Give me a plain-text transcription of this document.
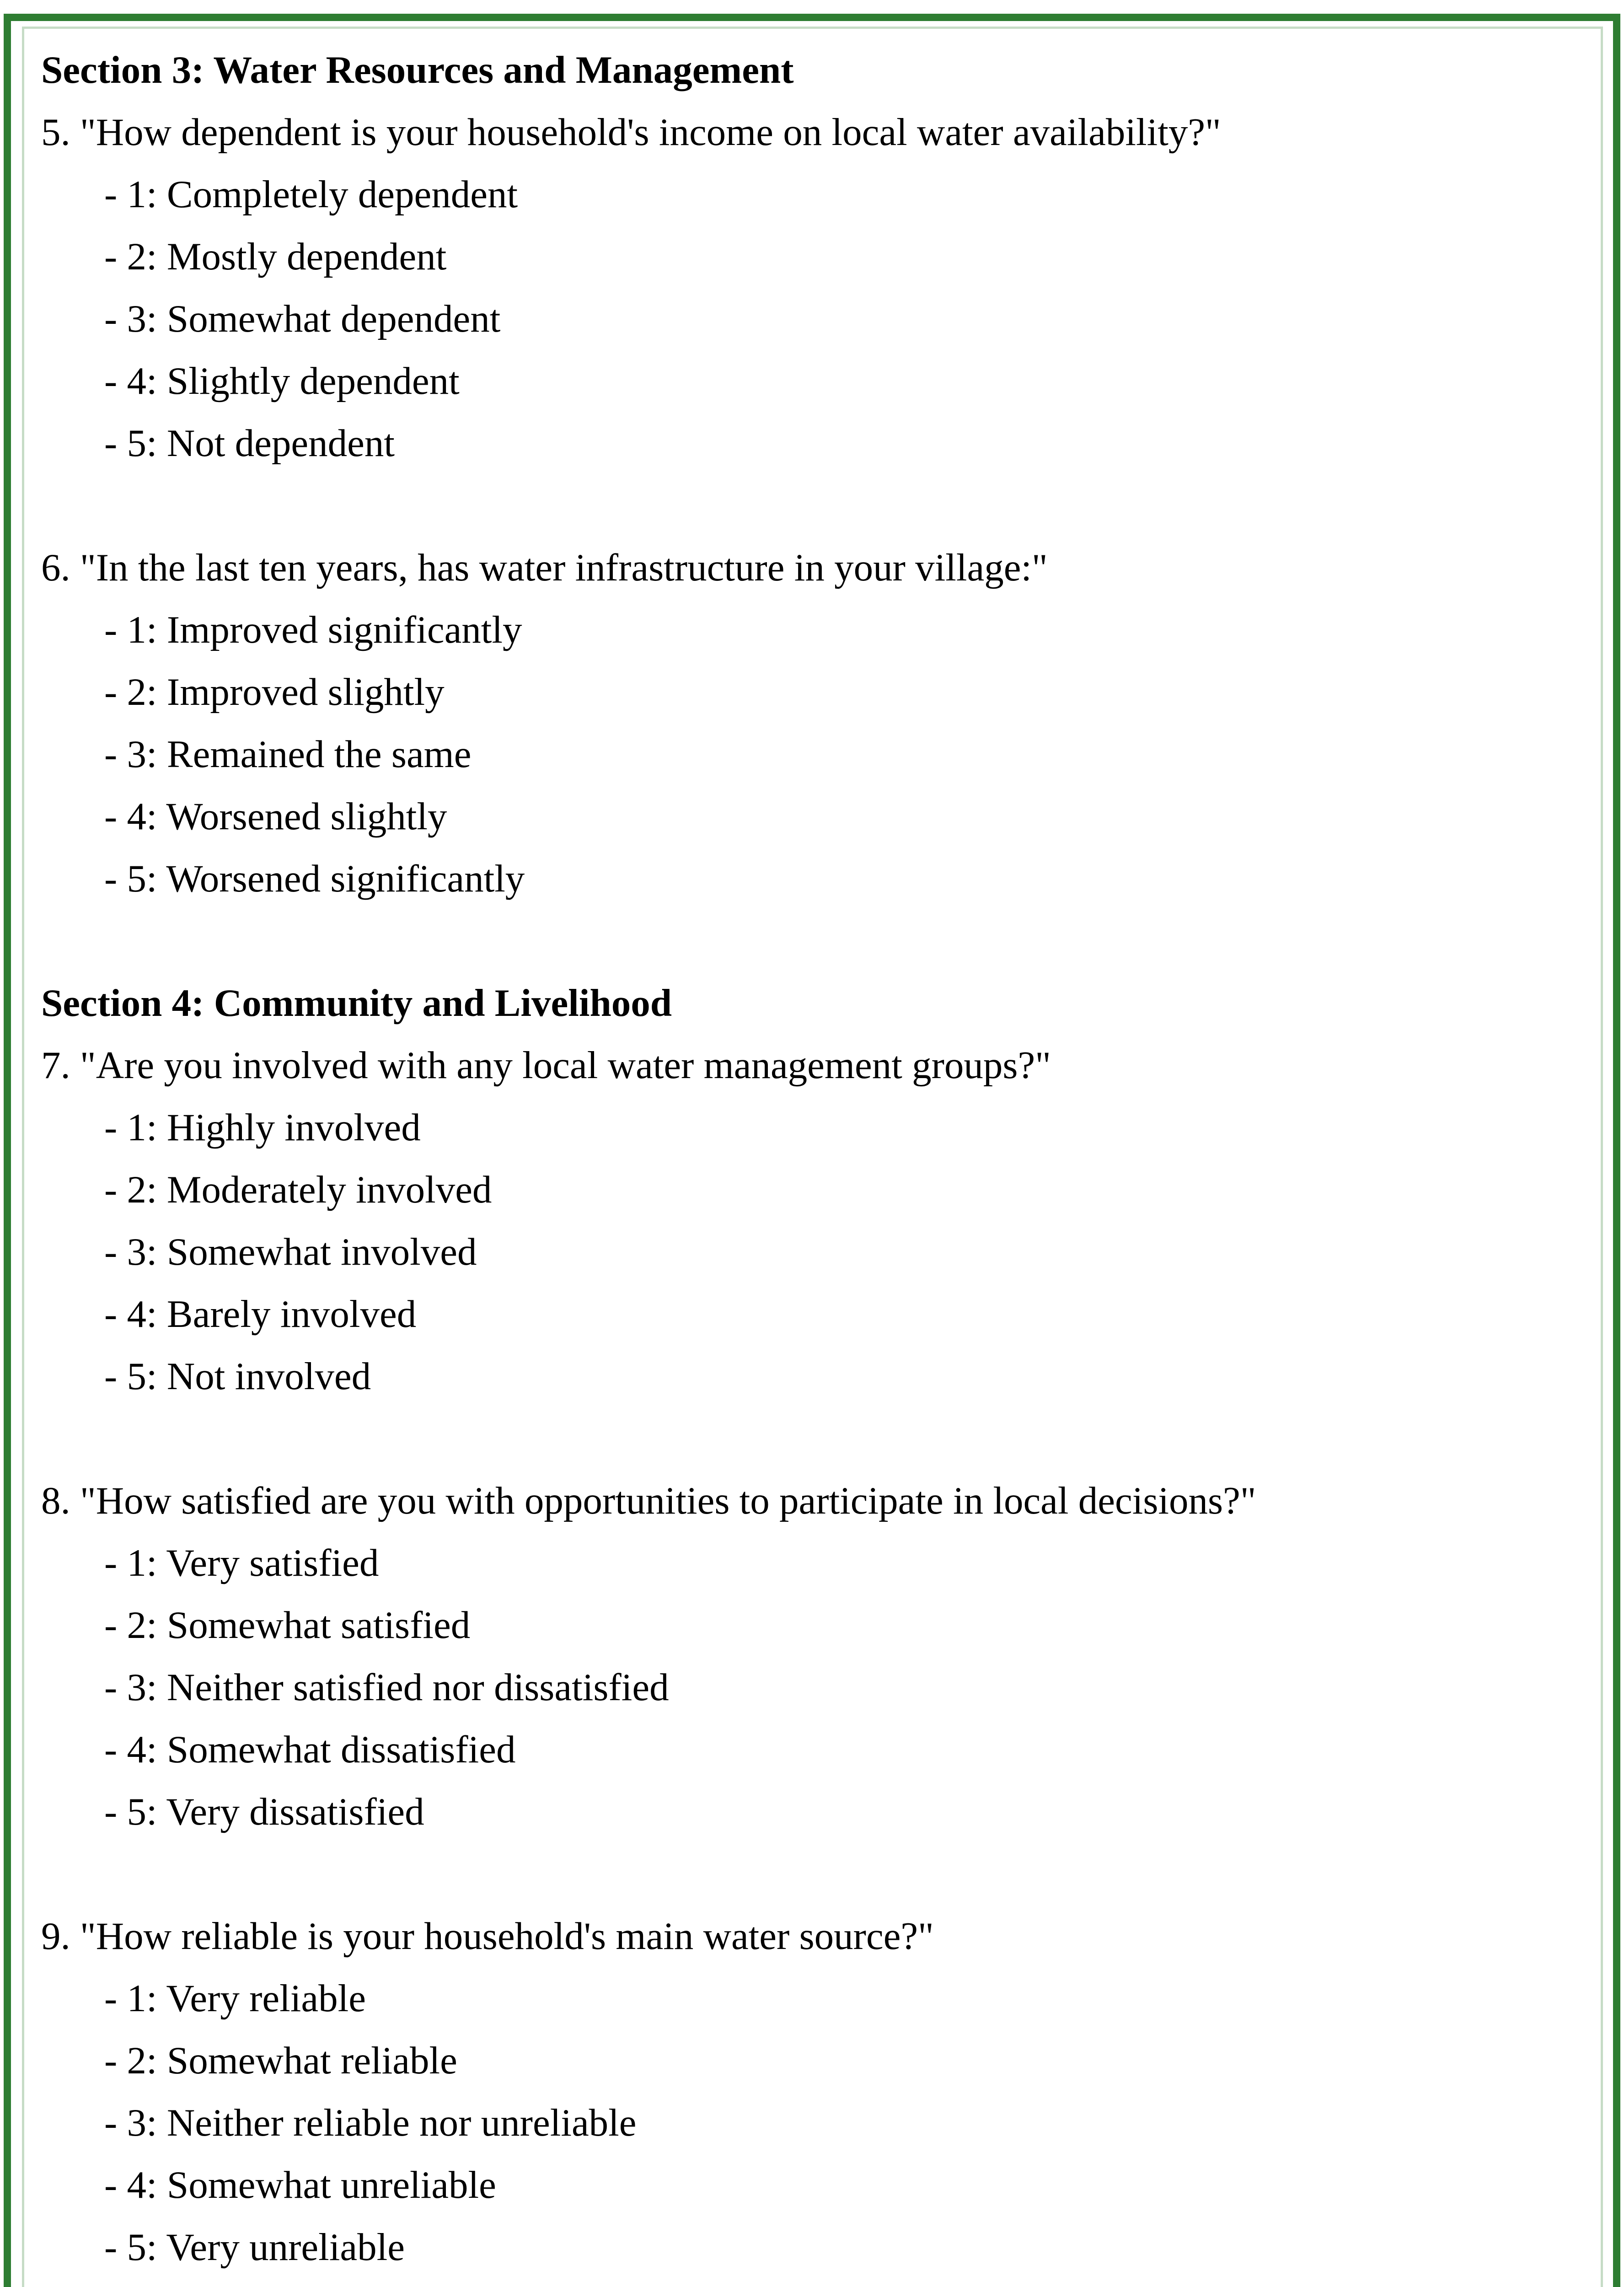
Section 3: Water Resources and Management

5. "How dependent is your household's income on local water availability?"

- 1: Completely dependent
- 2: Mostly dependent
- 3: Somewhat dependent
- 4: Slightly dependent
- 5: Not dependent

6. "In the last ten years, has water infrastructure in your village:"

- 1: Improved significantly
- 2: Improved slightly
- 3: Remained the same
- 4: Worsened slightly
- 5: Worsened significantly

Section 4: Community and Livelihood

7. "Are you involved with any local water management groups?"

- 1: Highly involved
- 2: Moderately involved
- 3: Somewhat involved
- 4: Barely involved
- 5: Not involved

8. "How satisfied are you with opportunities to participate in local decisions?"

- 1: Very satisfied
- 2: Somewhat satisfied
- 3: Neither satisfied nor dissatisfied
- 4: Somewhat dissatisfied
- 5: Very dissatisfied

9. "How reliable is your household's main water source?"

- 1: Very reliable
- 2: Somewhat reliable
- 3: Neither reliable nor unreliable
- 4: Somewhat unreliable
- 5: Very unreliable
